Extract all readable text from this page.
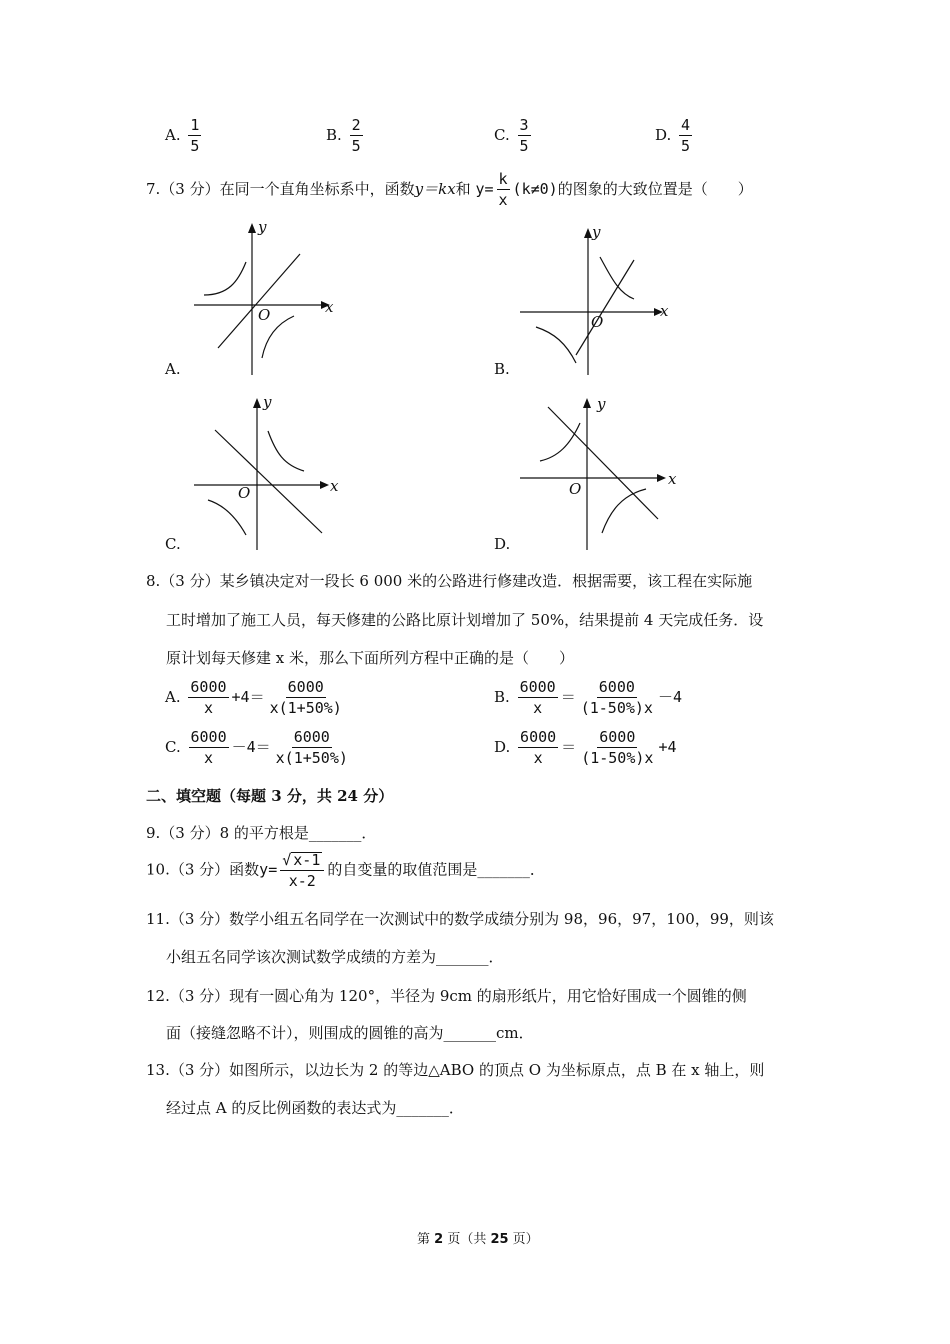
A. $\frac{1}{5}$	B. $\frac{2}{5}$	C. $\frac{3}{5}$	D. $\frac{4}{5}$
7.（3 分）在同一个直角坐标系中，函数y＝kx和 $y= \frac{k}{x} (k\ne 0)$的图象的大致位置是（　　）
y
x
O
A.
y
x
O
B.
y
x
O
C.
y
x
O
D.
8.（3 分）某乡镇决定对一段长 6 000 米的公路进行修建改造．根据需要，该工程在实际施
工时增加了施工人员，每天修建的公路比原计划增加了 50%，结果提前 4 天完成任务．设
原计划每天修建 x 米，那么下面所列方程中正确的是（　　）
A. $\frac{6000}{x} +4= \frac{6000}{x(1+50\%)}$	B. $\frac{6000}{x} = \frac{6000}{(1-50\%)x} -4$
C. $\frac{6000}{x} -4= \frac{6000}{x(1+50\%)}$	D. $\frac{6000}{x} = \frac{6000}{(1-50\%)x} +4$
二、填空题（每题 3 分，共 24 分）
9.（3 分）8 的平方根是_______．
10.（3 分）函数$y= \frac{√ x-1}{x-2}$ 的自变量的取值范围是_______．
11.（3 分）数学小组五名同学在一次测试中的数学成绩分别为 98，96，97，100，99，则该
小组五名同学该次测试数学成绩的方差为_______．
12.（3 分）现有一圆心角为 120°，半径为 9cm 的扇形纸片，用它恰好围成一个圆锥的侧
面（接缝忽略不计），则围成的圆锥的高为_______cm．
13.（3 分）如图所示，以边长为 2 的等边△ABO 的顶点 O 为坐标原点，点 B 在 x 轴上，则
经过点 A 的反比例函数的表达式为_______．
第 2 页（共 25 页）
